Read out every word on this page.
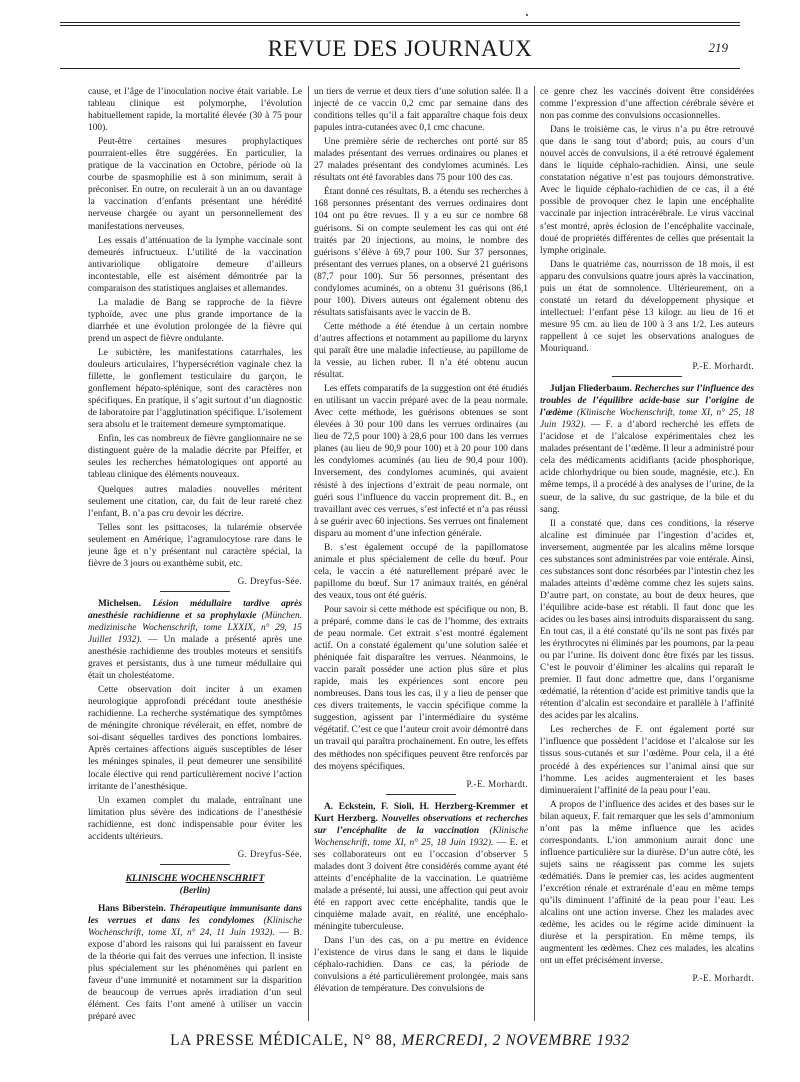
REVUE DES JOURNAUX	219

cause, et l’âge de l’inoculation nocive était variable. Le tableau clinique est polymorphe, l’évolution habituellement rapide, la mortalité élevée (30 à 75 pour 100).

Peut-être certaines mesures prophylactiques pourraient-elles être suggérées. En particulier, la pratique de la vaccination en Octobre, période où la courbe de spasmophilie est à son minimum, serait à préconiser. En outre, on reculerait à un an ou davantage la vaccination d’enfants présentant une hérédité nerveuse chargée ou ayant un personnellement des manifestations nerveuses.

Les essais d’atténuation de la lymphe vaccinale sont demeurés infructueux. L’utilité de la vaccination antivariolique obligatoire demeure d’ailleurs incontestable, elle est aisément démontrée par la comparaison des statistiques anglaises et allemandes.

La maladie de Bang se rapproche de la fièvre typhoïde, avec une plus grande importance de la diarrhée et une évolution prolongée de la fièvre qui prend un aspect de fièvre ondulante.

Le subictère, les manifestations catarrhales, les douleurs articulaires, l’hypersécrétion vaginale chez la fillette, le gonflement testiculaire du garçon, le gonflement hépato-splénique, sont des caractères non spécifiques. En pratique, il s’agit surtout d’un diagnostic de laboratoire par l’agglutination spécifique. L’isolement sera absolu et le traitement demeure symptomatique.

Enfin, les cas nombreux de fièvre ganglionnaire ne se distinguent guère de la maladie décrite par Pfeiffer, et seules les recherches hématologiques ont apporté au tableau clinique des éléments nouveaux.

Quelques autres maladies nouvelles méritent seulement une citation, car, du fait de leur rareté chez l’enfant, B. n’a pas cru devoir les décrire.

Telles sont les psittacoses, la tularémie observée seulement en Amérique, l’agranulocytose rare dans le jeune âge et n’y présentant nul caractère spécial, la fièvre de 3 jours ou exanthème subit, etc.

G. Dreyfus-Sée.

Michelsen. Lésion médullaire tardive après anesthésie rachidienne et sa prophylaxie (München. medizinische Wochenschrift, tome LXXIX, n° 29, 15 Juillet 1932). — Un malade a présenté après une anesthésie rachidienne des troubles moteurs et sensitifs graves et persistants, dus à une tumeur médullaire qui était un cholestéatome.

Cette observation doit inciter à un examen neurologique approfondi précédant toute anesthésie rachidienne. La recherche systématique des symptômes de méningite chronique révélerait, en effet, nombre de soi-disant séquelles tardives des ponctions lombaires. Après certaines affections aiguës susceptibles de léser les méninges spinales, il peut demeurer une sensibilité locale élective qui rend particulièrement nocive l’action irritante de l’anesthésique.

Un examen complet du malade, entraînant une limitation plus sévère des indications de l’anesthésie rachidienne, est donc indispensable pour éviter les accidents ultérieurs.

G. Dreyfus-Sée.

KLINISCHE WOCHENSCHRIFT

(Berlin)

Hans Biberstein. Thérapeutique immunisante dans les verrues et dans les condylomes (Klinische Wochenschrift, tome XI, n° 24, 11 Juin 1932). — B. expose d’abord les raisons qui lui paraissent en faveur de la théorie qui fait des verrues une infection. Il insiste plus spécialement sur les phénomènes qui parlent en faveur d’une immunité et notamment sur la disparition de beaucoup de verrues après irradiation d’un seul élément. Ces faits l’ont amené à utiliser un vaccin préparé avec

un tiers de verrue et deux tiers d’une solution salée. Il a injecté de ce vaccin 0,2 cmc par semaine dans des conditions telles qu’il a fait apparaître chaque fois deux papules intra-cutanées avec 0,1 cmc chacune.

Une première série de recherches ont porté sur 85 malades présentant des verrues ordinaires ou planes et 27 malades présentant des condylomes acuminés. Les résultats ont été favorables dans 75 pour 100 des cas.

Étant donné ces résultats, B. a étendu ses recherches à 168 personnes présentant des verrues ordinaires dont 104 ont pu être revues. Il y a eu sur ce nombre 68 guérisons. Si on compte seulement les cas qui ont été traités par 20 injections, au moins, le nombre des guérisons s’élève à 69,7 pour 100. Sur 37 personnes, présentant des verrues planes, on a observé 21 guérisons (87,7 pour 100). Sur 56 personnes, présentant des condylomes acuminés, on a obtenu 31 guérisons (86,1 pour 100). Divers auteurs ont également obtenu des résultats satisfaisants avec le vaccin de B.

Cette méthode a été étendue à un certain nombre d’autres affections et notamment au papillome du larynx qui paraît être une maladie infectieuse, au papillome de la vessie, au lichen ruber. Il n’a été obtenu aucun résultat.

Les effets comparatifs de la suggestion ont été étudiés en utilisant un vaccin préparé avec de la peau normale. Avec cette méthode, les guérisons obtenues se sont élevées à 30 pour 100 dans les verrues ordinaires (au lieu de 72,5 pour 100) à 28,6 pour 100 dans les verrues planes (au lieu de 90,9 pour 100) et à 20 pour 100 dans les condylomes acuminés (au lieu de 90,4 pour 100). Inversement, des condylomes acuminés, qui avaient résisté à des injections d’extrait de peau normale, ont guéri sous l’influence du vaccin proprement dit. B., en travaillant avec ces verrues, s’est infecté et n’a pas réussi à se guérir avec 60 injections. Ses verrues ont finalement disparu au moment d’une infection générale.

B. s’est également occupé de la papillomatose animale et plus spécialement de celle du bœuf. Pour cela, le vaccin a été naturellement préparé avec le papillome du bœuf. Sur 17 animaux traités, en général des veaux, tous ont été guéris.

Pour savoir si cette méthode est spécifique ou non, B. a préparé, comme dans le cas de l’homme, des extraits de peau normale. Cet extrait s’est montré également actif. On a constaté également qu’une solution salée et phéniquée fait disparaître les verrues. Néanmoins, le vaccin paraît posséder une action plus sûre et plus rapide, mais les expériences sont encore peu nombreuses. Dans tous les cas, il y a lieu de penser que ces divers traitements, le vaccin spécifique comme la suggestion, agissent par l’intermédiaire du système végétatif. C’est ce que l’auteur croit avoir démontré dans un travail qui paraîtra prochainement. En outre, les effets des méthodes non spécifiques peuvent être renforcés par des moyens spécifiques.

P.-E. Morhardt.

A. Eckstein, F. Sioli, H. Herzberg-Kremmer et Kurt Herzberg. Nouvelles observations et recherches sur l’encéphalite de la vaccination (Klinische Wochenschrift, tome XI, n° 25, 18 Juin 1932). — E. et ses collaborateurs ont eu l’occasion d’observer 5 malades dont 3 doivent être considérés comme ayant été atteints d’encéphalite de la vaccination. Le quatrième malade a présenté, lui aussi, une affection qui peut avoir été en rapport avec cette encéphalite, tandis que le cinquième malade avait, en réalité, une encéphalo-méningite tuberculeuse.

Dans l’un des cas, on a pu mettre en évidence l’existence de virus dans le sang et dans le liquide céphalo-rachidien. Dans ce cas, la période de convulsions a été particulièrement prolongée, mais sans élévation de température. Des convulsions de

ce genre chez les vaccinés doivent être considérées comme l’expression d’une affection cérébrale sévère et non pas comme des convulsions occasionnelles.

Dans le troisième cas, le virus n’a pu être retrouvé que dans le sang tout d’abord; puis, au cours d’un nouvel accès de convulsions, il a été retrouvé également dans le liquide céphalo-rachidien. Ainsi, une seule constatation négative n’est pas toujours démonstrative. Avec le liquide céphalo-rachidien de ce cas, il a été possible de provoquer chez le lapin une encéphalite vaccinale par injection intracérébrale. Le virus vaccinal s’est montré, après éclosion de l’encéphalite vaccinale, doué de propriétés différentes de celles que présentait la lymphe originale.

Dans le quatrième cas, nourrisson de 18 mois, il est apparu des convulsions quatre jours après la vaccination, puis un état de somnolence. Ultérieurement, on a constaté un retard du développement physique et intellectuel: l’enfant pèse 13 kilogr. au lieu de 16 et mesure 95 cm. au lieu de 100 à 3 ans 1/2. Les auteurs rappellent à ce sujet les observations analogues de Mouriquand.

P.-E. Morhardt.

Juljan Fliederbaum. Recherches sur l’influence des troubles de l’équilibre acide-base sur l’origine de l’œdème (Klinische Wochenschrift, tome XI, n° 25, 18 Juin 1932). — F. a d’abord recherché les effets de l’acidose et de l’alcalose expérimentales chez les malades présentant de l’œdème. Il leur a administré pour cela des médicaments acidifiants (acide phosphorique, acide chlorhydrique ou bien soude, magnésie, etc.). En même temps, il a procédé à des analyses de l’urine, de la sueur, de la salive, du suc gastrique, de la bile et du sang.

Il a constaté que, dans ces conditions, la réserve alcaline est diminuée par l’ingestion d’acides et, inversement, augmentée par les alcalins même lorsque ces substances sont administrées par voie entérale. Ainsi, ces substances sont donc résorbées par l’intestin chez les malades atteints d’œdème comme chez les sujets sains. D’autre part, on constate, au bout de deux heures, que l’équilibre acide-base est rétabli. Il faut donc que les acides ou les bases ainsi introduits disparaissent du sang. En tout cas, il a été constaté qu’ils ne sont pas fixés par les érythrocytes ni éliminés par les poumons, par la peau ou par l’urine. Ils doivent donc être fixés par les tissus. C’est le pouvoir d’éliminer les alcalins qui reparaît le premier. Il faut donc admettre que, dans l’organisme œdématié, la rétention d’acide est primitive tandis que la rétention d’alcalin est secondaire et parallèle à l’affinité des acides par les alcalins.

Les recherches de F. ont également porté sur l’influence que possèdent l’acidose et l’alcalose sur les tissus sous-cutanés et sur l’œdème. Pour cela, il a été procédé à des expériences sur l’animal ainsi que sur l’homme. Les acides augmenteraient et les bases diminueraient l’affinité de la peau pour l’eau.

A propos de l’influence des acides et des bases sur le bilan aqueux, F. fait remarquer que les sels d’ammonium n’ont pas la même influence que les acides correspondants. L’ion ammonium aurait donc une influence particulière sur la diurèse. D’un autre côté, les sujets sains ne réagissent pas comme les sujets œdématiés. Dans le premier cas, les acides augmentent l’excrétion rénale et extrarénale d’eau en même temps qu’ils diminuent l’affinité de la peau pour l’eau. Les alcalins ont une action inverse. Chez les malades avec œdème, les acides ou le régime acide diminuent la diurèse et la perspiration. En même temps, ils augmentent les œdèmes. Chez ces malades, les alcalins ont un effet précisément inverse.

P.-E. Morhardt.

LA PRESSE MÉDICALE, N° 88, MERCREDI, 2 NOVEMBRE 1932
